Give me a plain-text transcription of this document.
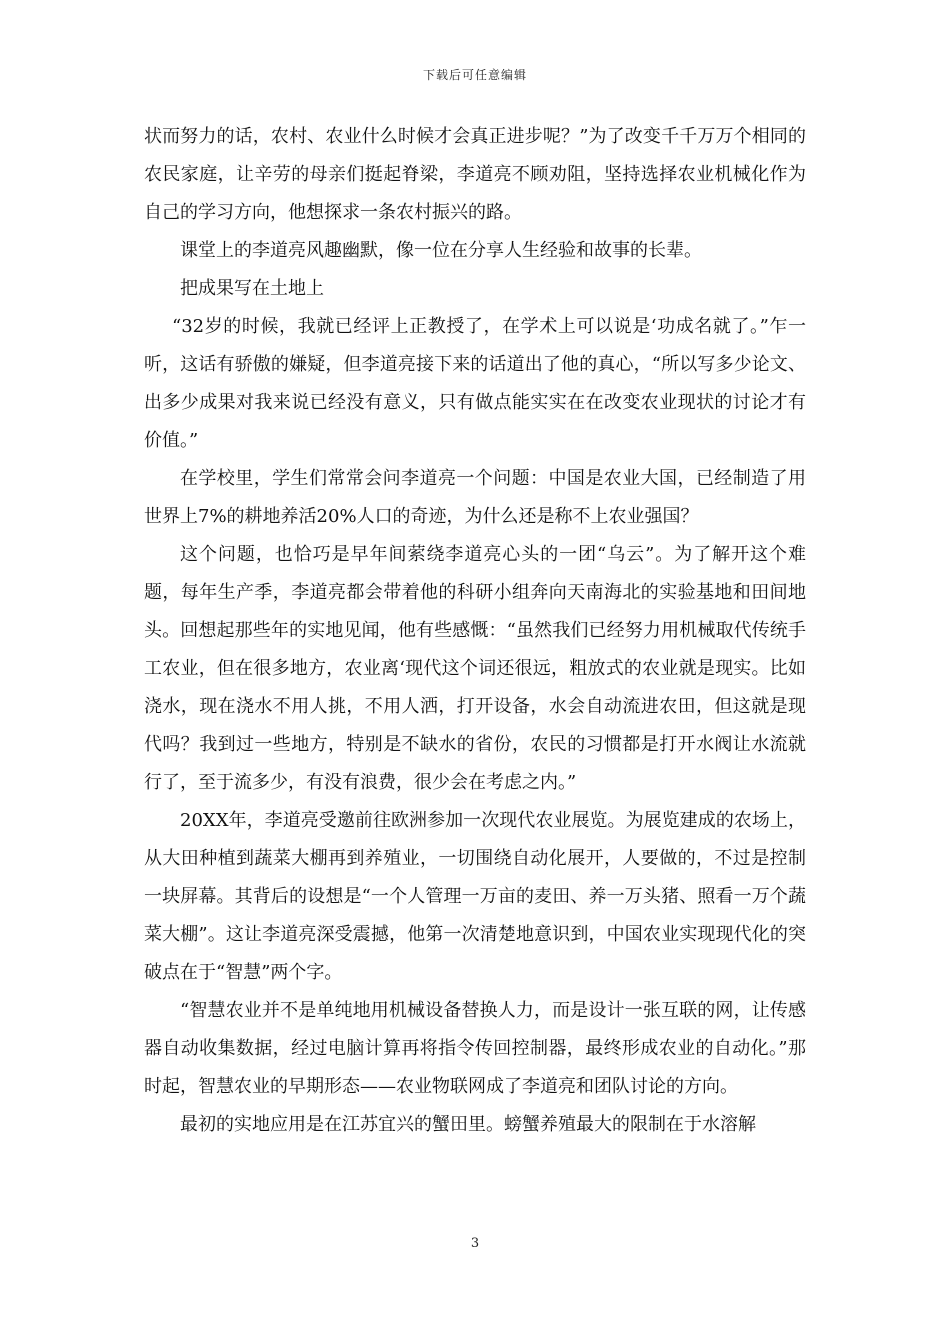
下载后可任意编辑

状而努力的话，农村、农业什么时候才会真正进步呢？”为了改变千千万万个相同的农民家庭，让辛劳的母亲们挺起脊梁，李道亮不顾劝阻，坚持选择农业机械化作为自己的学习方向，他想探求一条农村振兴的路。

课堂上的李道亮风趣幽默，像一位在分享人生经验和故事的长辈。

把成果写在土地上

“32岁的时候，我就已经评上正教授了，在学术上可以说是‘功成名就了。”乍一听，这话有骄傲的嫌疑，但李道亮接下来的话道出了他的真心，“所以写多少论文、出多少成果对我来说已经没有意义，只有做点能实实在在改变农业现状的讨论才有价值。”

在学校里，学生们常常会问李道亮一个问题：中国是农业大国，已经制造了用世界上7%的耕地养活20%人口的奇迹，为什么还是称不上农业强国？

这个问题，也恰巧是早年间萦绕李道亮心头的一团“乌云”。为了解开这个难题，每年生产季，李道亮都会带着他的科研小组奔向天南海北的实验基地和田间地头。回想起那些年的实地见闻，他有些感慨：“虽然我们已经努力用机械取代传统手工农业，但在很多地方，农业离‘现代这个词还很远，粗放式的农业就是现实。比如浇水，现在浇水不用人挑，不用人洒，打开设备，水会自动流进农田，但这就是现代吗？我到过一些地方，特别是不缺水的省份，农民的习惯都是打开水阀让水流就行了，至于流多少，有没有浪费，很少会在考虑之内。”

20XX年，李道亮受邀前往欧洲参加一次现代农业展览。为展览建成的农场上，从大田种植到蔬菜大棚再到养殖业，一切围绕自动化展开，人要做的，不过是控制一块屏幕。其背后的设想是“一个人管理一万亩的麦田、养一万头猪、照看一万个蔬菜大棚”。这让李道亮深受震撼，他第一次清楚地意识到，中国农业实现现代化的突破点在于“智慧”两个字。

“智慧农业并不是单纯地用机械设备替换人力，而是设计一张互联的网，让传感器自动收集数据，经过电脑计算再将指令传回控制器，最终形成农业的自动化。”那时起，智慧农业的早期形态——农业物联网成了李道亮和团队讨论的方向。

最初的实地应用是在江苏宜兴的蟹田里。螃蟹养殖最大的限制在于水溶解

3
